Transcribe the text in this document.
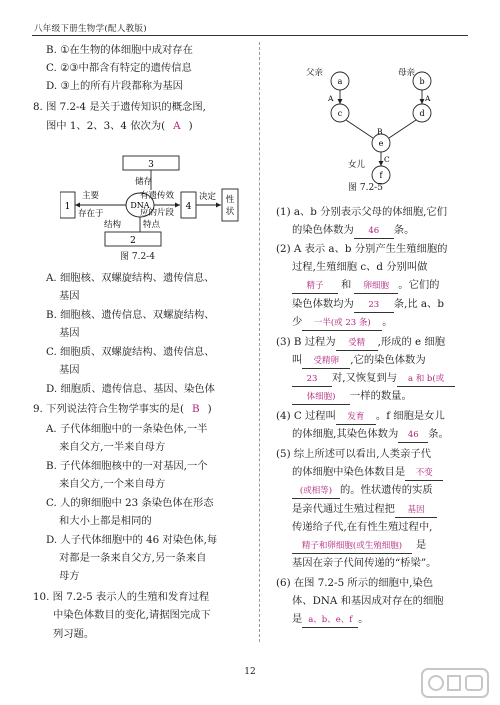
八年级下册生物学(配人教版)
B. ①在生物的体细胞中成对存在
C. ②③中都含有特定的遗传信息
D. ③上的所有片段都称为基因
8. 图 7.2-4 是关于遗传知识的概念图,
图中 1、2、3、4 依次为( A )
3
储存
1
主要
存在于
DNA
有遗传效
应的片段
4
决定 性
状
结构	特点
2
图 7.2-4
A. 细胞核、双螺旋结构、遗传信息、
基因
B. 细胞核、遗传信息、双螺旋结构、
基因
C. 细胞质、双螺旋结构、遗传信息、
基因
D. 细胞质、遗传信息、基因、染色体
9. 下列说法符合生物学事实的是( B )
A. 子代体细胞中的一条染色体,一半
来自父方,一半来自母方
B. 子代体细胞核中的一对基因,一个
来自父方,一个来自母方
C. 人的卵细胞中 23 条染色体在形态
和大小上都是相同的
D. 人子代体细胞中的 46 对染色体,每
对都是一条来自父方,另一条来自
母方
10. 图 7.2-5 表示人的生殖和发育过程
中染色体数目的变化,请据图完成下
列习题。
父亲	母亲
a	b
A	A
c	d
B
e
C
f
女儿
图 7.2-5
(1) a、b 分别表示父母的体细胞,它们
的染色体数为 46 条。
(2) A 表示 a、b 分别产生生殖细胞的
过程,生殖细胞 c、d 分别叫做
精子 和 卵细胞 。它们的
染色体数均为 23 条,比 a、b
少 一半(或 23 条) 。
(3) B 过程为 受精 ,形成的 e 细胞
叫 受精卵 ,它的染色体数为
23 对,又恢复到与 a 和 b(或
体细胞) 一样的数量。
(4) C 过程叫 发育 。f 细胞是女儿
的体细胞,其染色体数为 46 条。
(5) 综上所述可以看出,人类亲子代
的体细胞中染色体数目是 不变
(或相等) 的。性状遗传的实质
是亲代通过生殖过程把 基因
传递给子代,在有性生殖过程中,
精子和卵细胞(或生殖细胞) 是
基因在亲子代间传递的“桥梁”。
(6) 在图 7.2-5 所示的细胞中,染色
体、DNA 和基因成对存在的细胞
是 a、b、e、f 。
12
